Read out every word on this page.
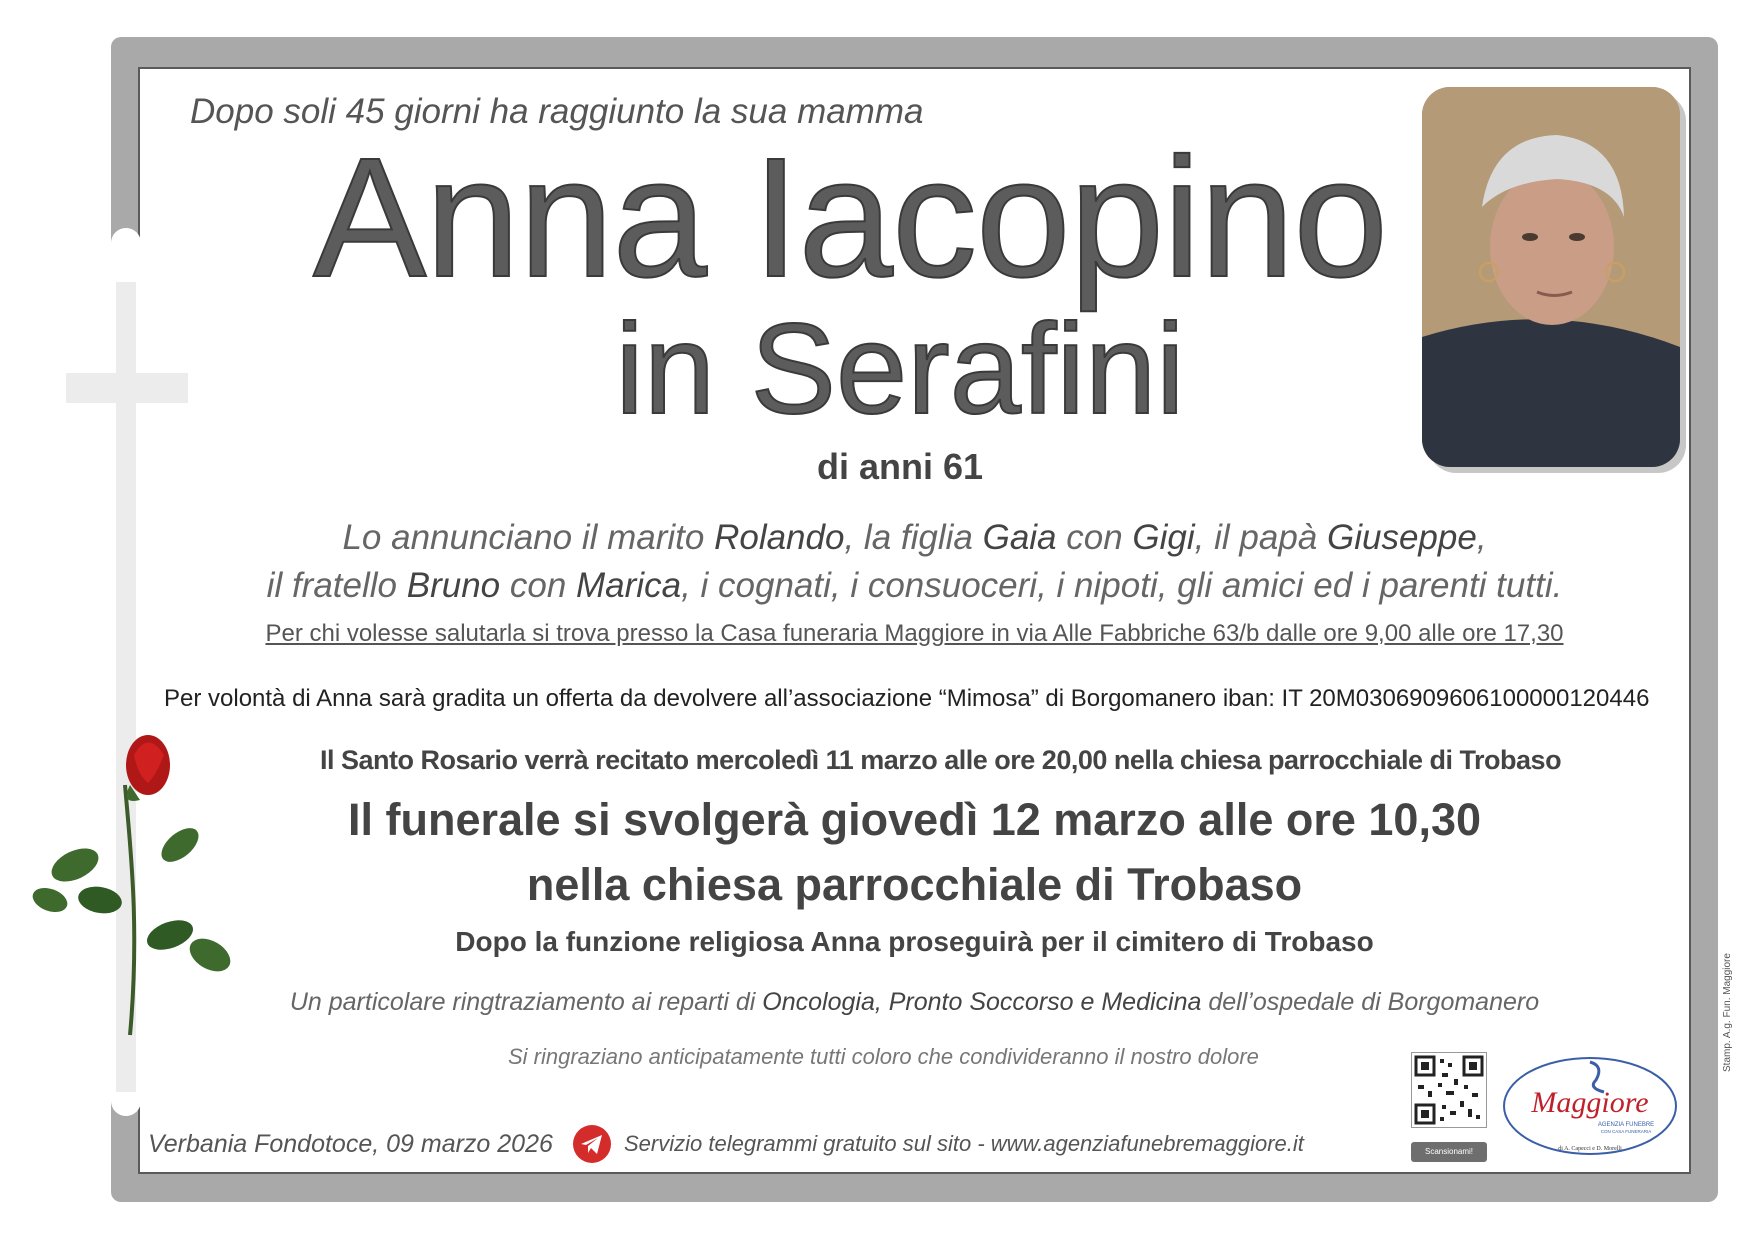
Dopo soli 45 giorni ha raggiunto la sua mamma
Anna Iacopino
in Serafini
di anni 61
Lo annunciano il marito Rolando, la figlia Gaia con Gigi, il papà Giuseppe,
il fratello Bruno con Marica, i cognati, i consuoceri, i nipoti, gli amici ed i parenti tutti.
Per chi volesse salutarla si trova presso la Casa funeraria Maggiore in via Alle Fabbriche 63/b dalle ore 9,00 alle ore 17,30
Per volontà di Anna sarà gradita un offerta da devolvere all’associazione “Mimosa” di Borgomanero iban: IT 20M0306909606100000120446
Il Santo Rosario verrà recitato mercoledì 11 marzo alle ore 20,00 nella chiesa parrocchiale di Trobaso
Il funerale si svolgerà giovedì 12 marzo alle ore 10,30
nella chiesa parrocchiale di Trobaso
Dopo la funzione religiosa Anna proseguirà per il cimitero di Trobaso
Un particolare ringtraziamento ai reparti di Oncologia, Pronto Soccorso e Medicina dell’ospedale di Borgomanero
Si ringraziano anticipatamente tutti coloro che condivideranno il nostro dolore
Verbania Fondotoce, 09 marzo 2026	Servizio telegrammi gratuito sul sito - www.agenziafunebremaggiore.it	Scansionami!
Maggiore
AGENZIA FUNEBRE
CON CASA FUNERARIA
di A. Capecci e D. Morelli
Stamp. A.g. Fun. Maggiore
